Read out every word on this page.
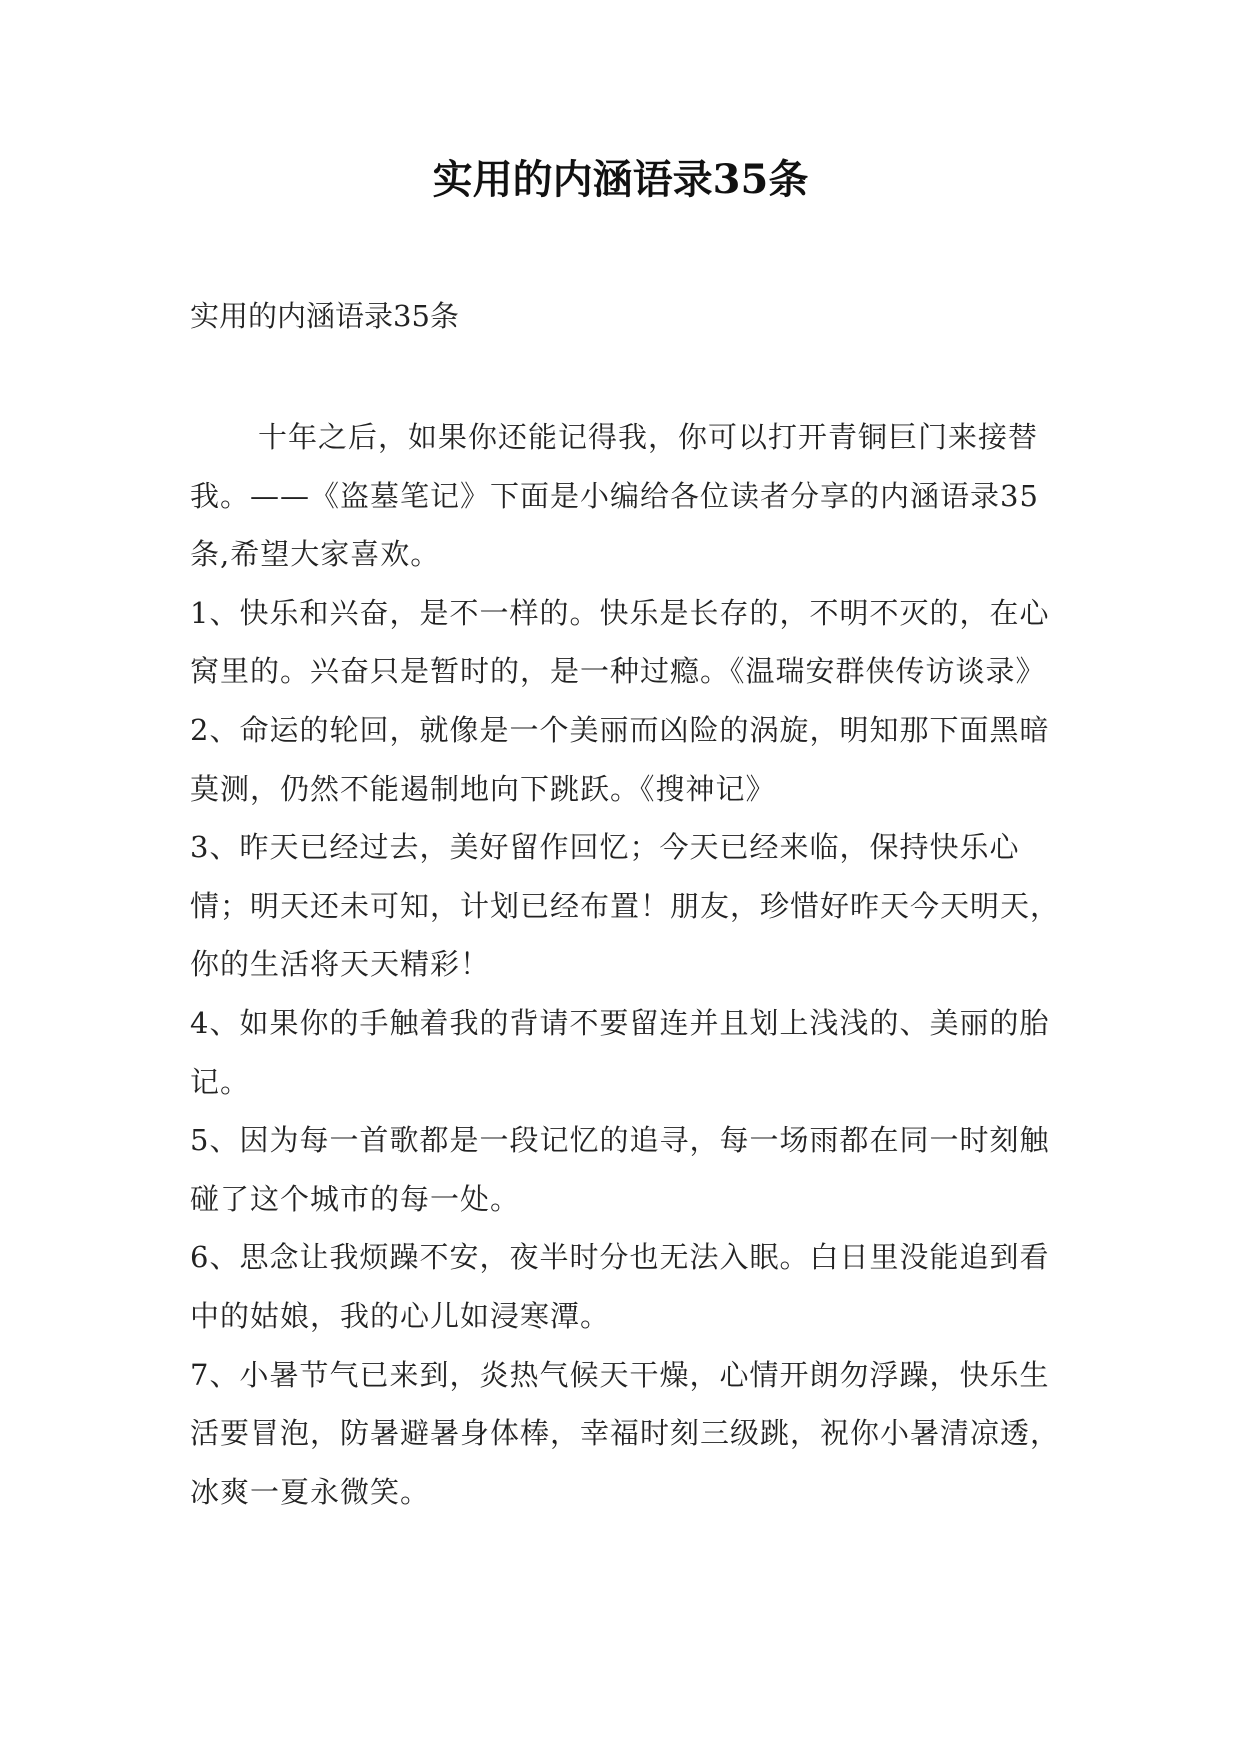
实用的内涵语录35条

实用的内涵语录35条

十年之后，如果你还能记得我，你可以打开青铜巨门来接替我。——《盗墓笔记》下面是小编给各位读者分享的内涵语录35条,希望大家喜欢。

1、快乐和兴奋，是不一样的。快乐是长存的，不明不灭的，在心窝里的。兴奋只是暂时的，是一种过瘾。《温瑞安群侠传访谈录》

2、命运的轮回，就像是一个美丽而凶险的涡旋，明知那下面黑暗莫测，仍然不能遏制地向下跳跃。《搜神记》

3、昨天已经过去，美好留作回忆；今天已经来临，保持快乐心情；明天还未可知，计划已经布置！朋友，珍惜好昨天今天明天，你的生活将天天精彩！

4、如果你的手触着我的背请不要留连并且划上浅浅的、美丽的胎记。

5、因为每一首歌都是一段记忆的追寻，每一场雨都在同一时刻触碰了这个城市的每一处。

6、思念让我烦躁不安，夜半时分也无法入眠。白日里没能追到看中的姑娘，我的心儿如浸寒潭。

7、小暑节气已来到，炎热气候天干燥，心情开朗勿浮躁，快乐生活要冒泡，防暑避暑身体棒，幸福时刻三级跳，祝你小暑清凉透，冰爽一夏永微笑。
